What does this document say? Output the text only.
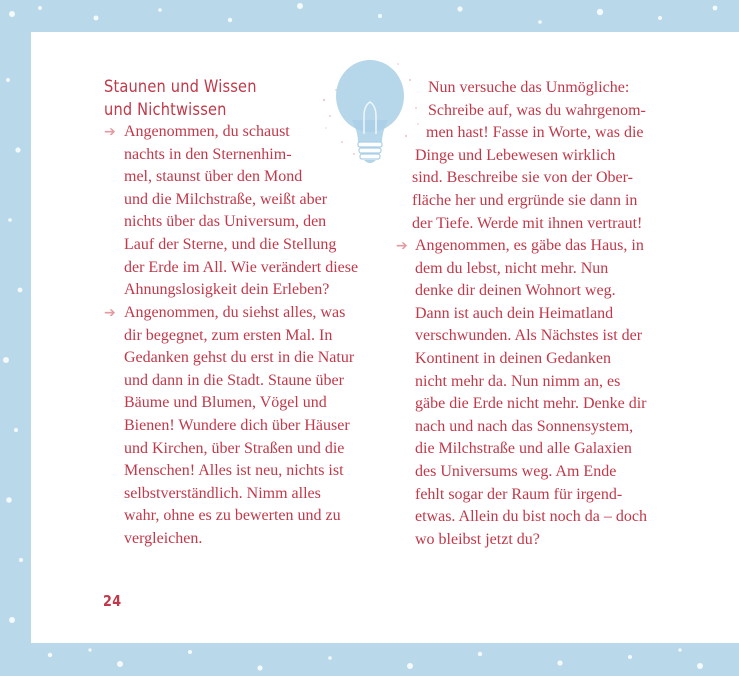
Staunen und Wissen
und Nichtwissen
➔ Angenommen, du schaust
nachts in den Sternenhim-
mel, staunst über den Mond
und die Milchstraße, weißt aber
nichts über das Universum, den
Lauf der Sterne, und die Stellung
der Erde im All. Wie verändert diese
Ahnungslosigkeit dein Erleben?
➔ Angenommen, du siehst alles, was
dir begegnet, zum ersten Mal. In
Gedanken gehst du erst in die Natur
und dann in die Stadt. Staune über
Bäume und Blumen, Vögel und
Bienen! Wundere dich über Häuser
und Kirchen, über Straßen und die
Menschen! Alles ist neu, nichts ist
selbstverständlich. Nimm alles
wahr, ohne es zu bewerten und zu
vergleichen.
Nun versuche das Unmögliche:
Schreibe auf, was du wahrgenom-
men hast! Fasse in Worte, was die
Dinge und Lebewesen wirklich
sind. Beschreibe sie von der Ober-
fläche her und ergründe sie dann in
der Tiefe. Werde mit ihnen vertraut!
➔ Angenommen, es gäbe das Haus, in
dem du lebst, nicht mehr. Nun
denke dir deinen Wohnort weg.
Dann ist auch dein Heimatland
verschwunden. Als Nächstes ist der
Kontinent in deinen Gedanken
nicht mehr da. Nun nimm an, es
gäbe die Erde nicht mehr. Denke dir
nach und nach das Sonnensystem,
die Milchstraße und alle Galaxien
des Universums weg. Am Ende
fehlt sogar der Raum für irgend-
etwas. Allein du bist noch da – doch
wo bleibst jetzt du?
24
